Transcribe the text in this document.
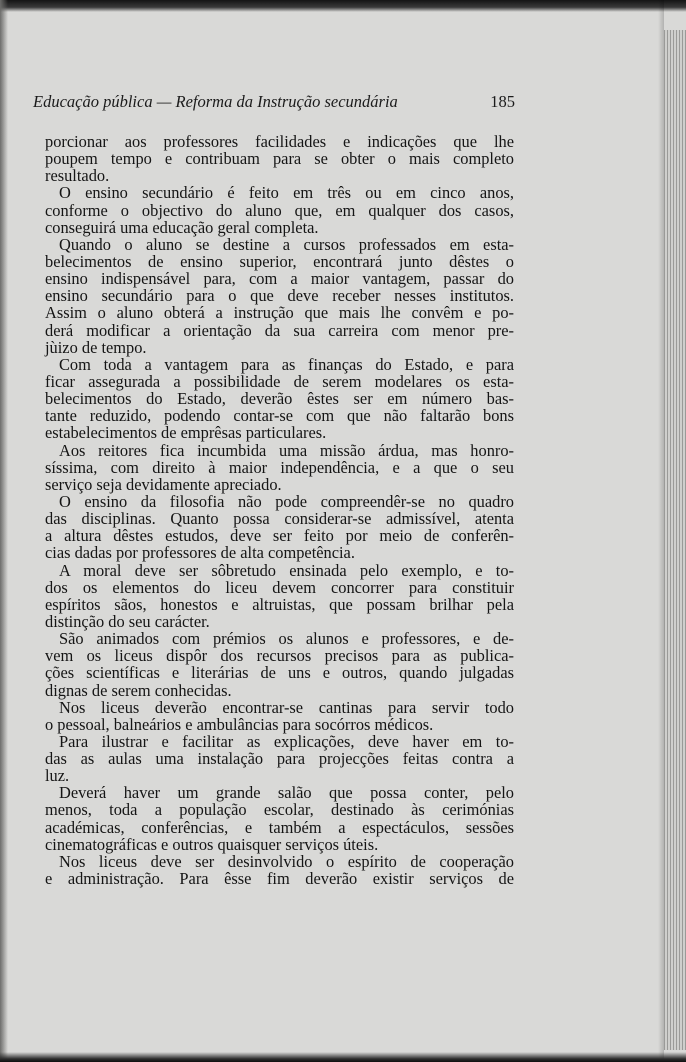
Educação pública — Reforma da Instrução secundária	185

porcionar aos professores facilidades e indicações que lhe
poupem tempo e contribuam para se obter o mais completo
resultado.

O ensino secundário é feito em três ou em cinco anos,
conforme o objectivo do aluno que, em qualquer dos casos,
conseguirá uma educação geral completa.

Quando o aluno se destine a cursos professados em esta-
belecimentos de ensino superior, encontrará junto dêstes o
ensino indispensável para, com a maior vantagem, passar do
ensino secundário para o que deve receber nesses institutos.
Assim o aluno obterá a instrução que mais lhe convêm e po-
derá modificar a orientação da sua carreira com menor pre-
jùizo de tempo.

Com toda a vantagem para as finanças do Estado, e para
ficar assegurada a possibilidade de serem modelares os esta-
belecimentos do Estado, deverão êstes ser em número bas-
tante reduzido, podendo contar-se com que não faltarão bons
estabelecimentos de emprêsas particulares.

Aos reitores fica incumbida uma missão árdua, mas honro-
síssima, com direito à maior independência, e a que o seu
serviço seja devidamente apreciado.

O ensino da filosofia não pode compreendêr-se no quadro
das disciplinas. Quanto possa considerar-se admissível, atenta
a altura dêstes estudos, deve ser feito por meio de conferên-
cias dadas por professores de alta competência.

A moral deve ser sôbretudo ensinada pelo exemplo, e to-
dos os elementos do liceu devem concorrer para constituir
espíritos sãos, honestos e altruistas, que possam brilhar pela
distinção do seu carácter.

São animados com prémios os alunos e professores, e de-
vem os liceus dispôr dos recursos precisos para as publica-
ções scientíficas e literárias de uns e outros, quando julgadas
dignas de serem conhecidas.

Nos liceus deverão encontrar-se cantinas para servir todo
o pessoal, balneários e ambulâncias para socórros médicos.

Para ilustrar e facilitar as explicações, deve haver em to-
das as aulas uma instalação para projecções feitas contra a
luz.

Deverá haver um grande salão que possa conter, pelo
menos, toda a população escolar, destinado às cerimónias
académicas, conferências, e também a espectáculos, sessões
cinematográficas e outros quaisquer serviços úteis.

Nos liceus deve ser desinvolvido o espírito de cooperação
e administração. Para êsse fim deverão existir serviços de
